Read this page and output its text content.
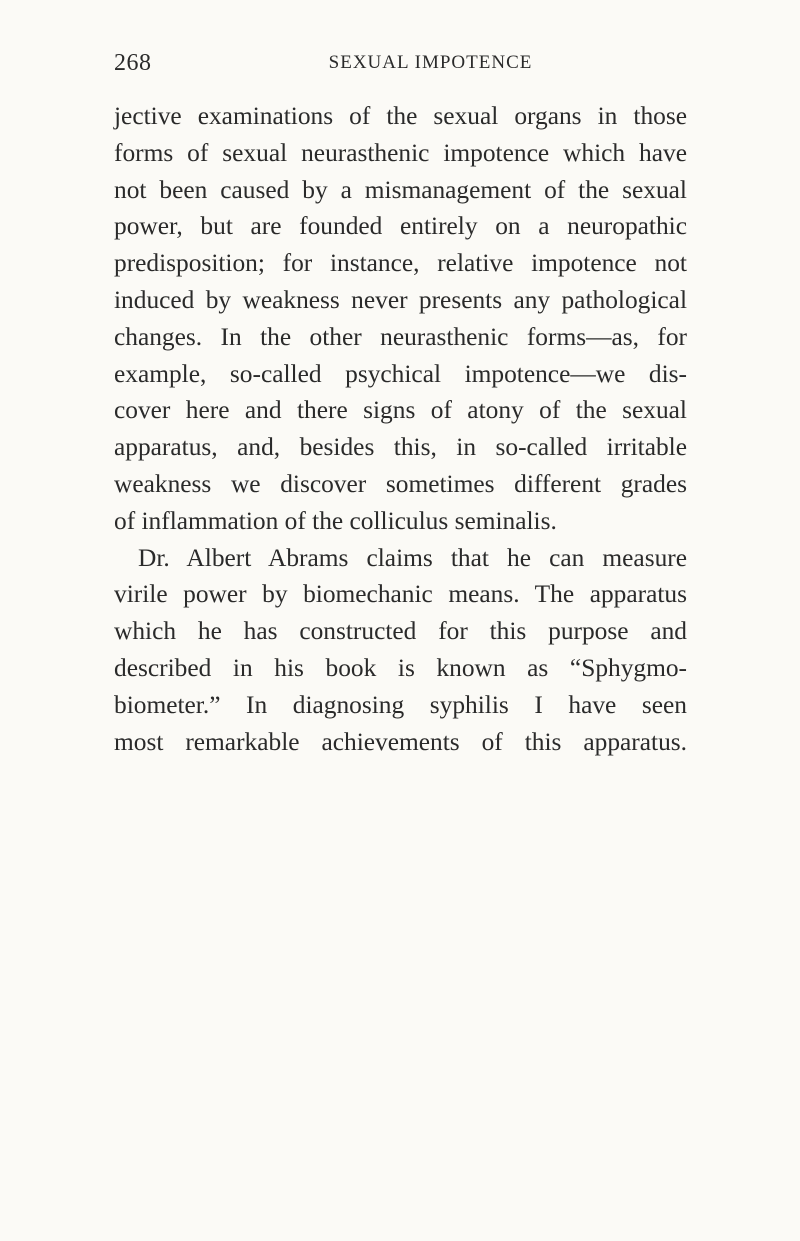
268	SEXUAL IMPOTENCE

jective examinations of the sexual organs in those
forms of sexual neurasthenic impotence which have
not been caused by a mismanagement of the sexual
power, but are founded entirely on a neuropathic
predisposition; for instance, relative impotence not
induced by weakness never presents any pathological
changes. In the other neurasthenic forms—as, for
example, so-called psychical impotence—we dis-
cover here and there signs of atony of the sexual
apparatus, and, besides this, in so-called irritable
weakness we discover sometimes different grades
of inflammation of the colliculus seminalis.

Dr. Albert Abrams claims that he can measure
virile power by biomechanic means. The apparatus
which he has constructed for this purpose and
described in his book is known as “Sphygmo-
biometer.” In diagnosing syphilis I have seen
most remarkable achievements of this apparatus.
